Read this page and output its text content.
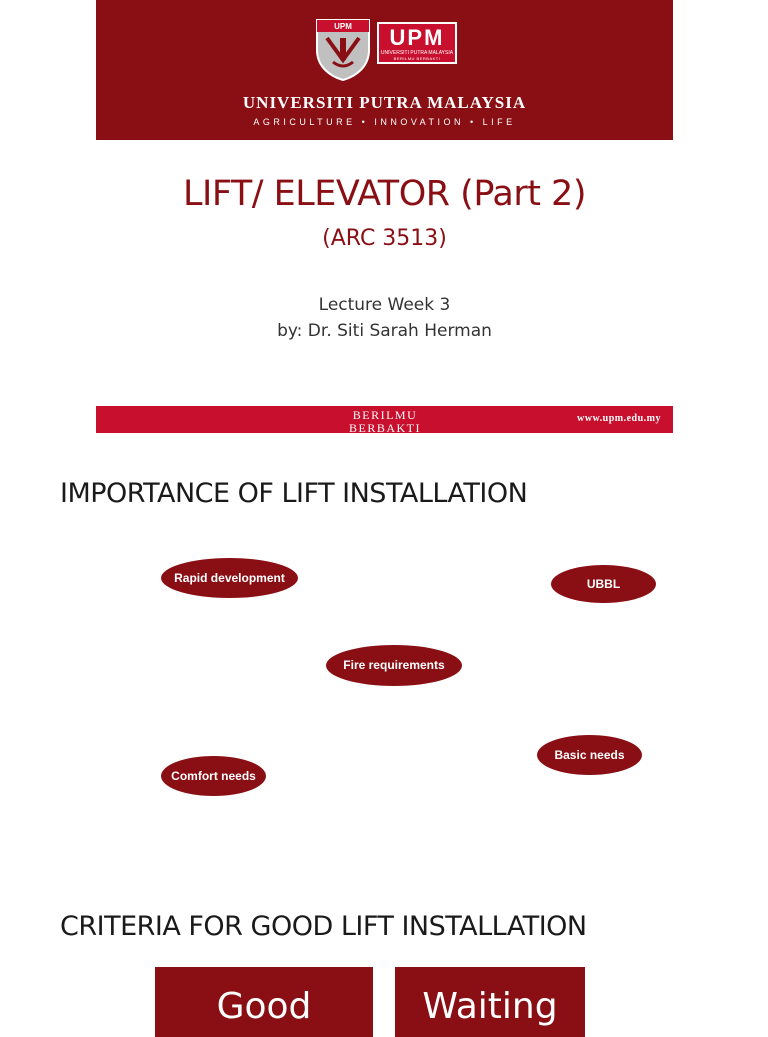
UPM	UPM
UNIVERSITI PUTRA MALAYSIA
BERILMU BERBAKTI
UNIVERSITI PUTRA MALAYSIA
AGRICULTURE • INNOVATION • LIFE
LIFT/ ELEVATOR (Part 2)
(ARC 3513)
Lecture Week 3
by: Dr. Siti Sarah Herman
BERILMU BERBAKTI
WITH KNOWLEDGE WE SERVE
www.upm.edu.my
IMPORTANCE OF LIFT INSTALLATION
Rapid development	UBBL
Fire requirements
Basic needs
Comfort needs
CRITERIA FOR GOOD LIFT INSTALLATION
Good	Waiting
